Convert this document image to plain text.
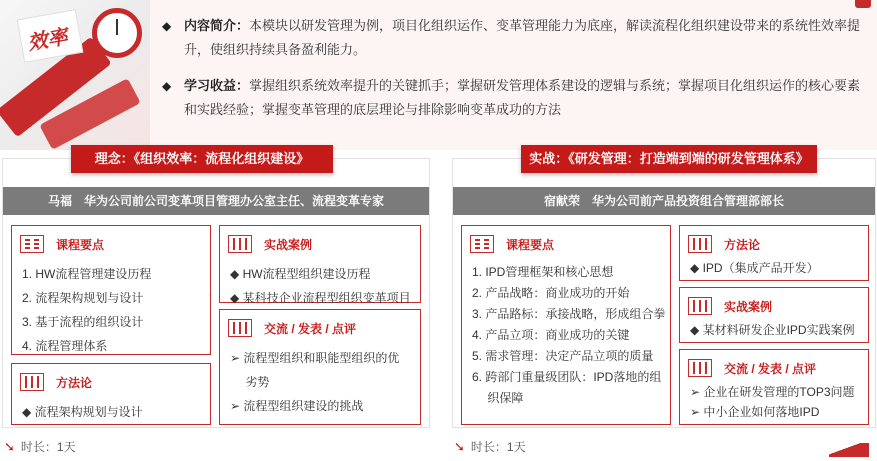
效率
◆ 内容简介：本模块以研发管理为例，项目化组织运作、变革管理能力为底座，解读流程化组织建设带来的系统性效率提升，使组织持续具备盈利能力。
◆ 学习收益：掌握组织系统效率提升的关键抓手；掌握研发管理体系建设的逻辑与系统；掌握项目化组织运作的核心要素和实践经验；掌握变革管理的底层理论与排除影响变革成功的方法
理念：《组织效率：流程化组织建设》
马福　华为公司前公司变革项目管理办公室主任、流程变革专家
课程要点
1. HW流程管理建设历程
2. 流程架构规划与设计
3. 基于流程的组织设计
4. 流程管理体系
方法论
◆ 流程架构规划与设计
实战案例
◆ HW流程型组织建设历程
◆ 某科技企业流程型组织变革项目
交流 / 发表 / 点评
➢ 流程型组织和职能型组织的优
　 劣势
➢ 流程型组织建设的挑战
➘ 时长：1天
实战：《研发管理：打造端到端的研发管理体系》
宿献荣　华为公司前产品投资组合管理部部长
课程要点
1. IPD管理框架和核心思想
2. 产品战略：商业成功的开始
3. 产品路标：承接战略，形成组合拳
4. 产品立项：商业成功的关键
5. 需求管理：决定产品立项的质量
6. 跨部门重量级团队：IPD落地的组
　 织保障
方法论
◆ IPD（集成产品开发）
实战案例
◆ 某材料研发企业IPD实践案例
交流 / 发表 / 点评
➢ 企业在研发管理的TOP3问题
➢ 中小企业如何落地IPD
➘ 时长：1天
